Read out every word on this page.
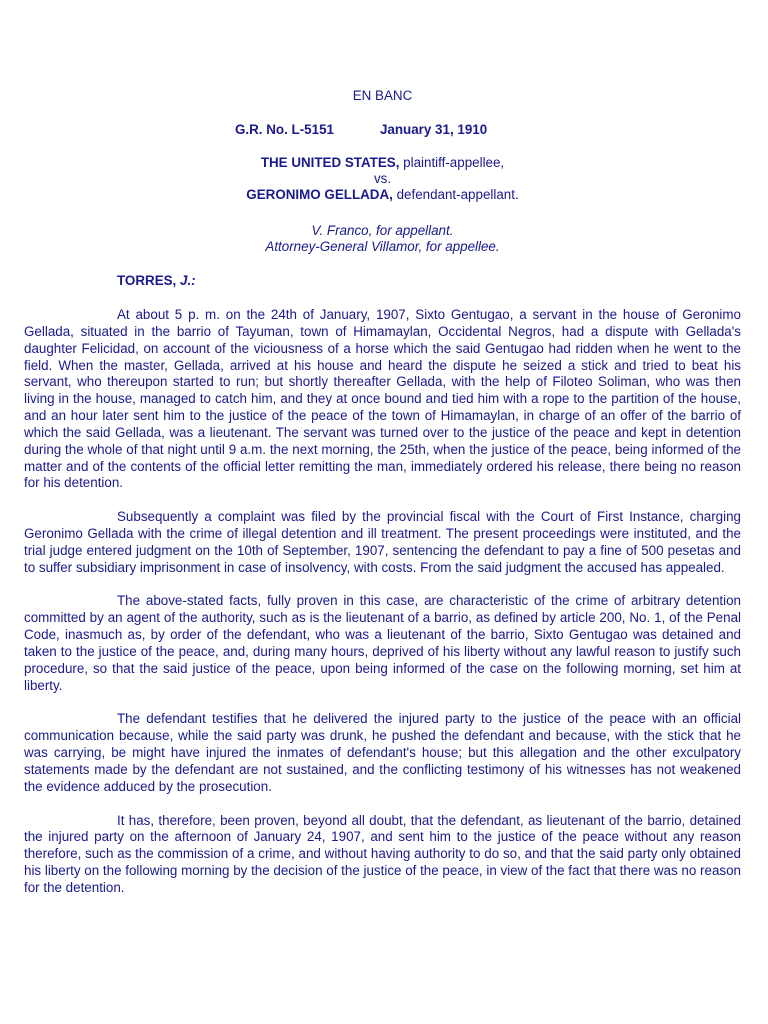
EN BANC
G.R. No. L-5151	January 31, 1910
THE UNITED STATES, plaintiff-appellee,
vs.
GERONIMO GELLADA, defendant-appellant.
V. Franco, for appellant.
Attorney-General Villamor, for appellee.
TORRES, J.:

At about 5 p. m. on the 24th of January, 1907, Sixto Gentugao, a servant in the house of Geronimo Gellada, situated in the barrio of Tayuman, town of Himamaylan, Occidental Negros, had a dispute with Gellada's daughter Felicidad, on account of the viciousness of a horse which the said Gentugao had ridden when he went to the field. When the master, Gellada, arrived at his house and heard the dispute he seized a stick and tried to beat his servant, who thereupon started to run; but shortly thereafter Gellada, with the help of Filoteo Soliman, who was then living in the house, managed to catch him, and they at once bound and tied him with a rope to the partition of the house, and an hour later sent him to the justice of the peace of the town of Himamaylan, in charge of an offer of the barrio of which the said Gellada, was a lieutenant. The servant was turned over to the justice of the peace and kept in detention during the whole of that night until 9 a.m. the next morning, the 25th, when the justice of the peace, being informed of the matter and of the contents of the official letter remitting the man, immediately ordered his release, there being no reason for his detention.

Subsequently a complaint was filed by the provincial fiscal with the Court of First Instance, charging Geronimo Gellada with the crime of illegal detention and ill treatment. The present proceedings were instituted, and the trial judge entered judgment on the 10th of September, 1907, sentencing the defendant to pay a fine of 500 pesetas and to suffer subsidiary imprisonment in case of insolvency, with costs. From the said judgment the accused has appealed.

The above-stated facts, fully proven in this case, are characteristic of the crime of arbitrary detention committed by an agent of the authority, such as is the lieutenant of a barrio, as defined by article 200, No. 1, of the Penal Code, inasmuch as, by order of the defendant, who was a lieutenant of the barrio, Sixto Gentugao was detained and taken to the justice of the peace, and, during many hours, deprived of his liberty without any lawful reason to justify such procedure, so that the said justice of the peace, upon being informed of the case on the following morning, set him at liberty.

The defendant testifies that he delivered the injured party to the justice of the peace with an official communication because, while the said party was drunk, he pushed the defendant and because, with the stick that he was carrying, be might have injured the inmates of defendant's house; but this allegation and the other exculpatory statements made by the defendant are not sustained, and the conflicting testimony of his witnesses has not weakened the evidence adduced by the prosecution.

It has, therefore, been proven, beyond all doubt, that the defendant, as lieutenant of the barrio, detained the injured party on the afternoon of January 24, 1907, and sent him to the justice of the peace without any reason therefore, such as the commission of a crime, and without having authority to do so, and that the said party only obtained his liberty on the following morning by the decision of the justice of the peace, in view of the fact that there was no reason for the detention.
